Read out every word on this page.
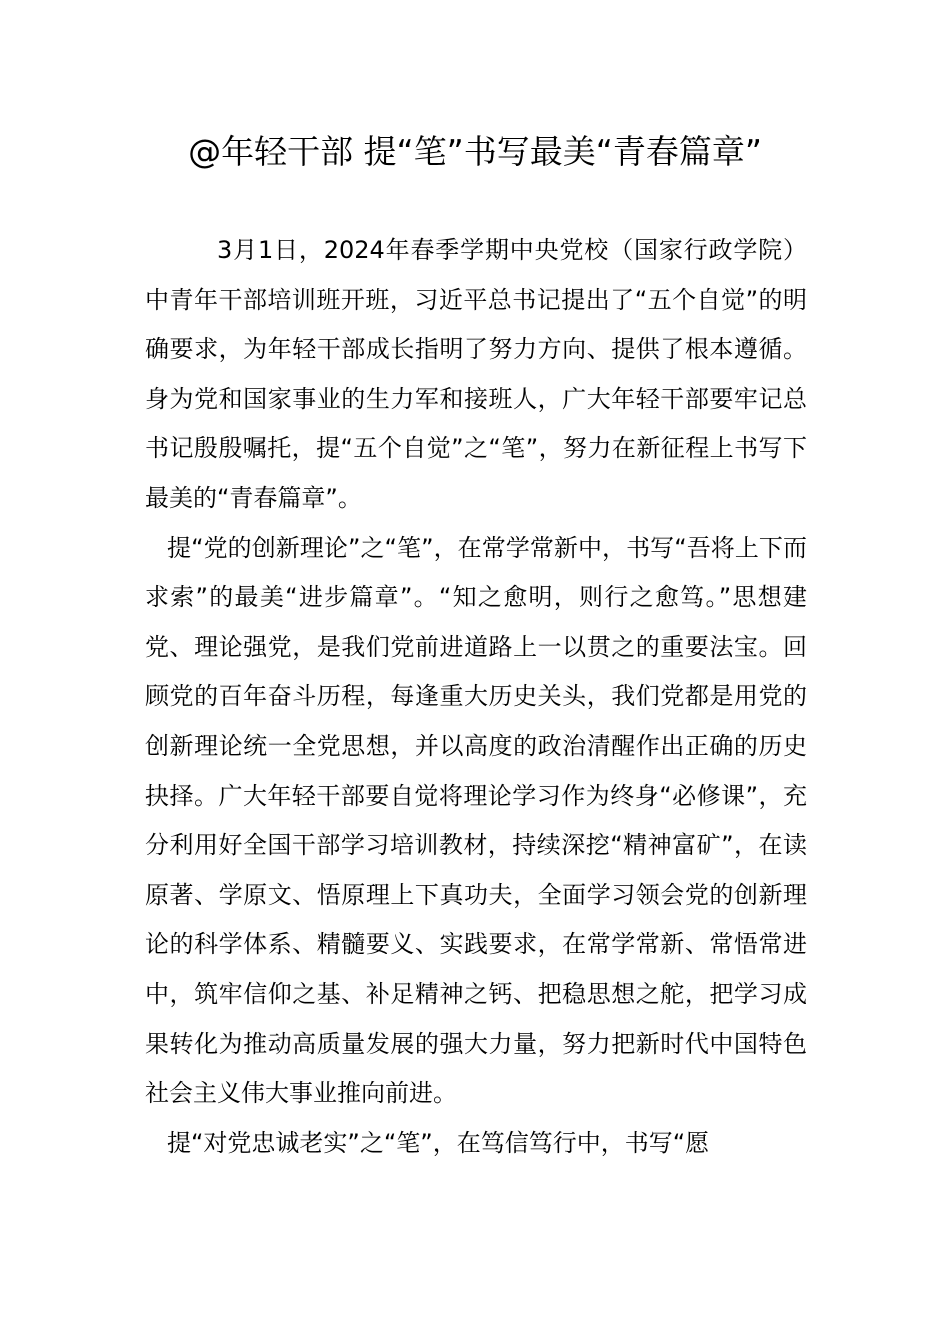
@年轻干部 提“笔”书写最美“青春篇章”

3月1日，2024年春季学期中央党校（国家行政学院）中青年干部培训班开班，习近平总书记提出了“五个自觉”的明确要求，为年轻干部成长指明了努力方向、提供了根本遵循。身为党和国家事业的生力军和接班人，广大年轻干部要牢记总书记殷殷嘱托，提“五个自觉”之“笔”，努力在新征程上书写下最美的“青春篇章”。

提“党的创新理论”之“笔”，在常学常新中，书写“吾将上下而求索”的最美“进步篇章”。“知之愈明，则行之愈笃。”思想建党、理论强党，是我们党前进道路上一以贯之的重要法宝。回顾党的百年奋斗历程，每逢重大历史关头，我们党都是用党的创新理论统一全党思想，并以高度的政治清醒作出正确的历史抉择。广大年轻干部要自觉将理论学习作为终身“必修课”，充分利用好全国干部学习培训教材，持续深挖“精神富矿”，在读原著、学原文、悟原理上下真功夫，全面学习领会党的创新理论的科学体系、精髓要义、实践要求，在常学常新、常悟常进中，筑牢信仰之基、补足精神之钙、把稳思想之舵，把学习成果转化为推动高质量发展的强大力量，努力把新时代中国特色社会主义伟大事业推向前进。

提“对党忠诚老实”之“笔”，在笃信笃行中，书写“愿
